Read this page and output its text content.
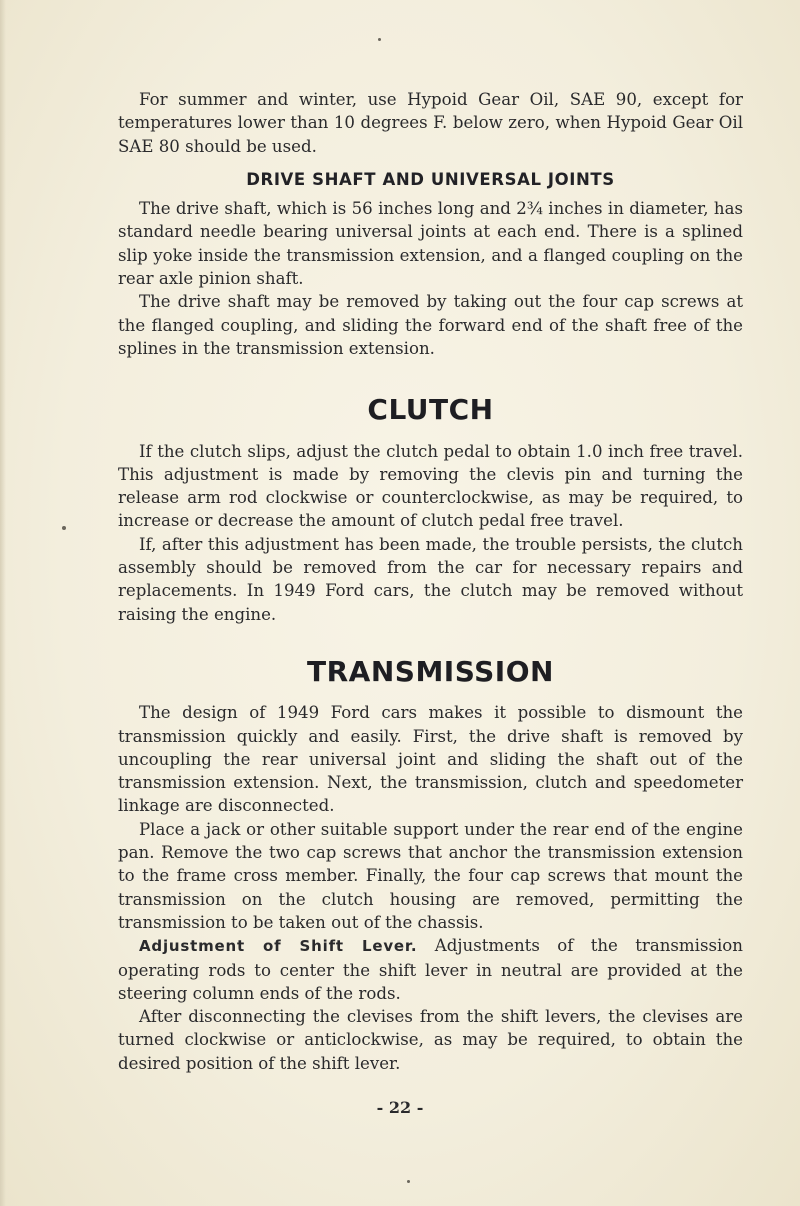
For summer and winter, use Hypoid Gear Oil, SAE 90, except for temperatures lower than 10 degrees F. below zero, when Hypoid Gear Oil SAE 80 should be used.

DRIVE SHAFT AND UNIVERSAL JOINTS

The drive shaft, which is 56 inches long and 2¾ inches in diameter, has standard needle bearing universal joints at each end. There is a splined slip yoke inside the transmission extension, and a flanged coupling on the rear axle pinion shaft.

The drive shaft may be removed by taking out the four cap screws at the flanged coupling, and sliding the forward end of the shaft free of the splines in the transmission extension.

CLUTCH

If the clutch slips, adjust the clutch pedal to obtain 1.0 inch free travel. This adjustment is made by removing the clevis pin and turning the release arm rod clockwise or counterclockwise, as may be required, to increase or decrease the amount of clutch pedal free travel.

If, after this adjustment has been made, the trouble persists, the clutch assembly should be removed from the car for necessary repairs and replacements. In 1949 Ford cars, the clutch may be removed without raising the engine.

TRANSMISSION

The design of 1949 Ford cars makes it possible to dismount the transmission quickly and easily. First, the drive shaft is removed by uncoupling the rear universal joint and sliding the shaft out of the transmission extension. Next, the transmission, clutch and speedometer linkage are disconnected.

Place a jack or other suitable support under the rear end of the engine pan. Remove the two cap screws that anchor the transmission extension to the frame cross member. Finally, the four cap screws that mount the transmission on the clutch housing are removed, permitting the transmission to be taken out of the chassis.

Adjustment of Shift Lever. Adjustments of the transmission operating rods to center the shift lever in neutral are provided at the steering column ends of the rods.

After disconnecting the clevises from the shift levers, the clevises are turned clockwise or anticlockwise, as may be required, to obtain the desired position of the shift lever.

- 22 -
